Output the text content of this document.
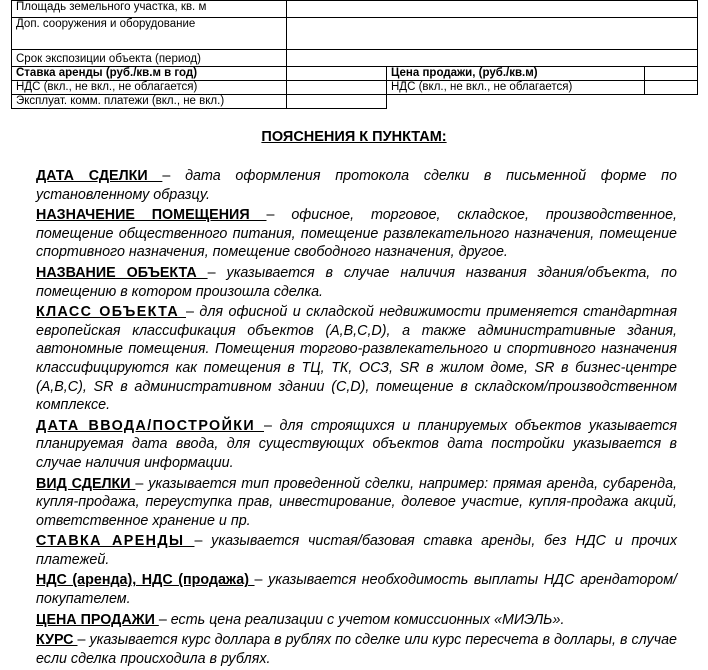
Площадь земельного участка, кв. м			
Доп. сооружения и оборудование			
Срок экспозиции объекта (период)			
Ставка аренды (руб./кв.м в год)		Цена продажи, (руб./кв.м)	
НДС (вкл., не вкл., не облагается)		НДС (вкл., не вкл., не облагается)	
Эксплуат. комм. платежи (вкл., не вкл.)			
ПОЯСНЕНИЯ К ПУНКТАМ:
ДАТА СДЕЛКИ – дата оформления протокола сделки в письменной форме по установленному образцу.
НАЗНАЧЕНИЕ ПОМЕЩЕНИЯ – офисное, торговое, складское, производственное, помещение общественного питания, помещение развлекательного назначения, помещение спортивного назначения, помещение свободного назначения, другое.
НАЗВАНИЕ ОБЪЕКТА – указывается в случае наличия названия здания/объекта, по помещению в котором произошла сделка.
КЛАСС ОБЪЕКТА – для офисной и складской недвижимости применяется стандартная европейская классификация объектов (A,B,C,D), а также административные здания, автономные помещения. Помещения торгово-развлекательного и спортивного назначения классифицируются как помещения в ТЦ, ТК, ОСЗ, SR в жилом доме, SR в бизнес-центре (A,B,C), SR в административном здании (C,D), помещение в складском/производственном комплексе.
ДАТА ВВОДА/ПОСТРОЙКИ – для строящихся и планируемых объектов указывается планируемая дата ввода, для существующих объектов дата постройки указывается в случае наличия информации.
ВИД СДЕЛКИ – указывается тип проведенной сделки, например: прямая аренда, субаренда, купля-продажа, переуступка прав, инвестирование, долевое участие, купля-продажа акций, ответственное хранение и пр.
СТАВКА АРЕНДЫ – указывается чистая/базовая ставка аренды, без НДС и прочих платежей.
НДС (аренда), НДС (продажа) – указывается необходимость выплаты НДС арендатором/покупателем.
ЦЕНА ПРОДАЖИ – есть цена реализации с учетом комиссионных «МИЭЛЬ».
КУРС – указывается курс доллара в рублях по сделке или курс пересчета в доллары, в случае если сделка происходила в рублях.
